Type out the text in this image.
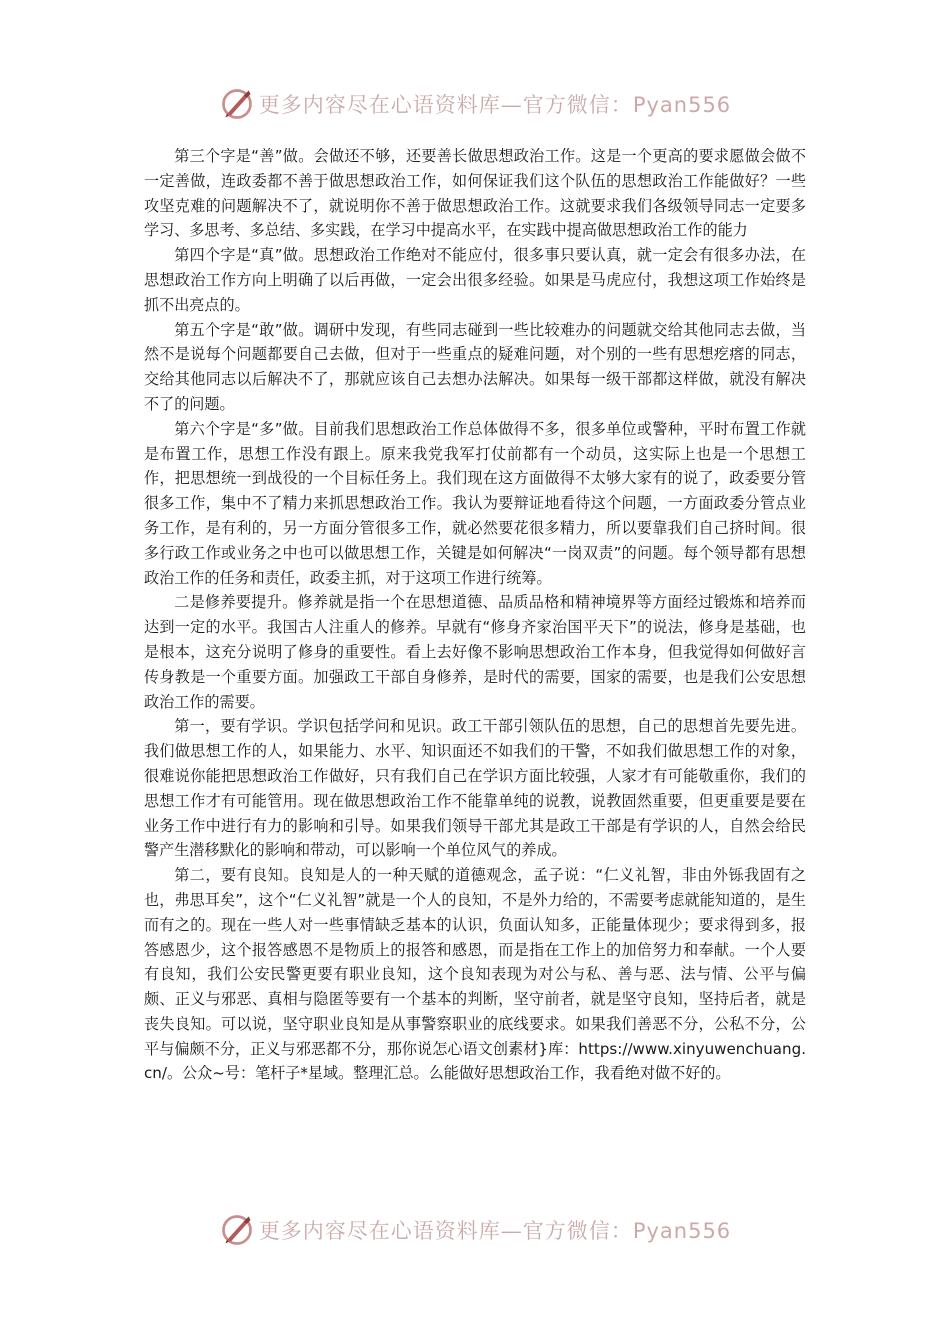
更多内容尽在心语资料库—官方微信：Pyan556

第三个字是“善”做。会做还不够，还要善长做思想政治工作。这是一个更高的要求愿做会做不一定善做，连政委都不善于做思想政治工作，如何保证我们这个队伍的思想政治工作能做好？一些攻坚克难的问题解决不了，就说明你不善于做思想政治工作。这就要求我们各级领导同志一定要多学习、多思考、多总结、多实践，在学习中提高水平，在实践中提高做思想政治工作的能力

第四个字是“真”做。思想政治工作绝对不能应付，很多事只要认真，就一定会有很多办法，在思想政治工作方向上明确了以后再做，一定会出很多经验。如果是马虎应付，我想这项工作始终是抓不出亮点的。

第五个字是“敢”做。调研中发现，有些同志碰到一些比较难办的问题就交给其他同志去做，当然不是说每个问题都要自己去做，但对于一些重点的疑难问题，对个别的一些有思想疙瘩的同志，交给其他同志以后解决不了，那就应该自己去想办法解决。如果每一级干部都这样做，就没有解决不了的问题。

第六个字是“多”做。目前我们思想政治工作总体做得不多，很多单位或警种，平时布置工作就是布置工作，思想工作没有跟上。原来我党我军打仗前都有一个动员，这实际上也是一个思想工作，把思想统一到战役的一个目标任务上。我们现在这方面做得不太够大家有的说了，政委要分管很多工作，集中不了精力来抓思想政治工作。我认为要辩证地看待这个问题，一方面政委分管点业务工作，是有利的，另一方面分管很多工作，就必然要花很多精力，所以要靠我们自己挤时间。很多行政工作或业务之中也可以做思想工作，关键是如何解决“一岗双责”的问题。每个领导都有思想政治工作的任务和责任，政委主抓，对于这项工作进行统筹。

二是修养要提升。修养就是指一个在思想道德、品质品格和精神境界等方面经过锻炼和培养而达到一定的水平。我国古人注重人的修养。早就有“修身齐家治国平天下”的说法，修身是基础，也是根本，这充分说明了修身的重要性。看上去好像不影响思想政治工作本身，但我觉得如何做好言传身教是一个重要方面。加强政工干部自身修养，是时代的需要，国家的需要，也是我们公安思想政治工作的需要。

第一，要有学识。学识包括学问和见识。政工干部引领队伍的思想，自己的思想首先要先进。我们做思想工作的人，如果能力、水平、知识面还不如我们的干警，不如我们做思想工作的对象，很难说你能把思想政治工作做好，只有我们自己在学识方面比较强，人家才有可能敬重你，我们的思想工作才有可能管用。现在做思想政治工作不能靠单纯的说教，说教固然重要，但更重要是要在业务工作中进行有力的影响和引导。如果我们领导干部尤其是政工干部是有学识的人，自然会给民警产生潜移默化的影响和带动，可以影响一个单位风气的养成。

第二，要有良知。良知是人的一种天赋的道德观念，孟子说：“仁义礼智，非由外铄我固有之也，弗思耳矣”，这个“仁义礼智”就是一个人的良知，不是外力给的，不需要考虑就能知道的，是生而有之的。现在一些人对一些事情缺乏基本的认识，负面认知多，正能量体现少；要求得到多，报答感恩少，这个报答感恩不是物质上的报答和感恩，而是指在工作上的加倍努力和奉献。一个人要有良知，我们公安民警更要有职业良知，这个良知表现为对公与私、善与恶、法与情、公平与偏颇、正义与邪恶、真相与隐匿等要有一个基本的判断，坚守前者，就是坚守良知，坚持后者，就是丧失良知。可以说，坚守职业良知是从事警察职业的底线要求。如果我们善恶不分，公私不分，公平与偏颇不分，正义与邪恶都不分，那你说怎心语文创素材}库：https://www.xinyuwenchuang.cn/。公众~号：笔杆子*星域。整理汇总。么能做好思想政治工作，我看绝对做不好的。

更多内容尽在心语资料库—官方微信：Pyan556
